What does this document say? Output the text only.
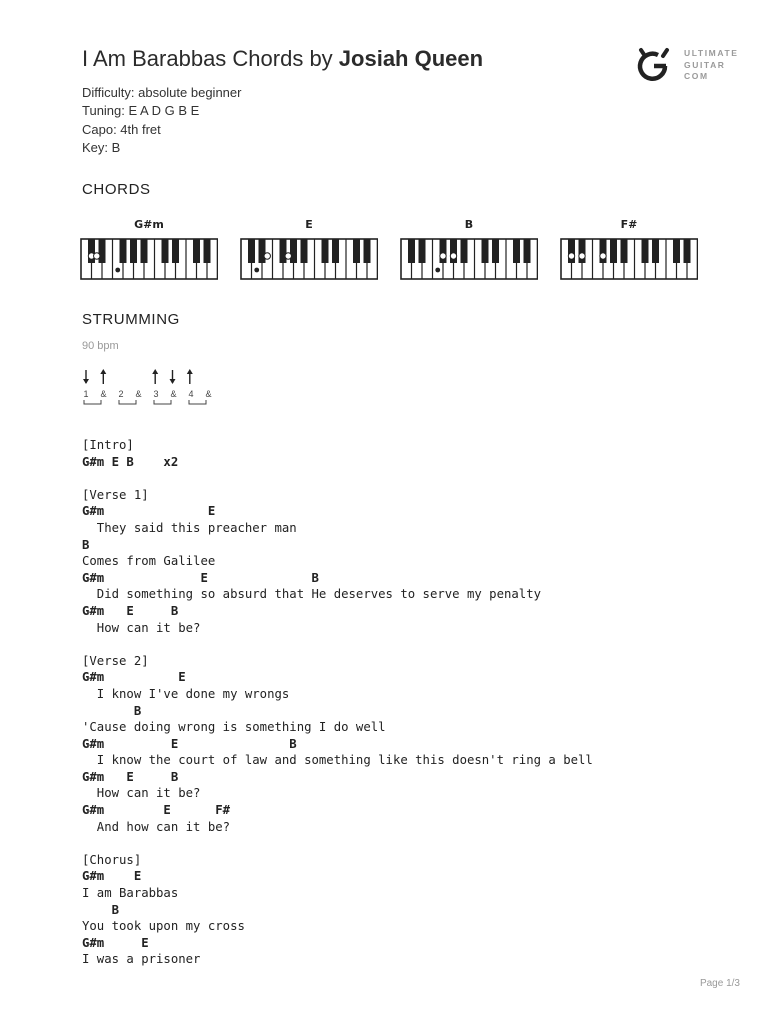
I Am Barabbas Chords by Josiah Queen	ULTIMATE
GUITAR
COM
Difficulty: absolute beginner
Tuning: E A D G B E
Capo: 4th fret
Key: B
CHORDS
G#m	E	B	F#
STRUMMING
90 bpm
1 & 2 & 3 & 4 &
[Intro]
G#m E B    x2
[Verse 1]
G#m              E
They said this preacher man
B
Comes from Galilee
G#m             E              B
Did something so absurd that He deserves to serve my penalty
G#m   E     B
How can it be?
[Verse 2]
G#m          E
I know I've done my wrongs
B
'Cause doing wrong is something I do well
G#m         E               B
I know the court of law and something like this doesn't ring a bell
G#m   E     B
How can it be?
G#m        E      F#
And how can it be?
[Chorus]
G#m    E
I am Barabbas
B
You took upon my cross
G#m     E
I was a prisoner
Page 1/3
